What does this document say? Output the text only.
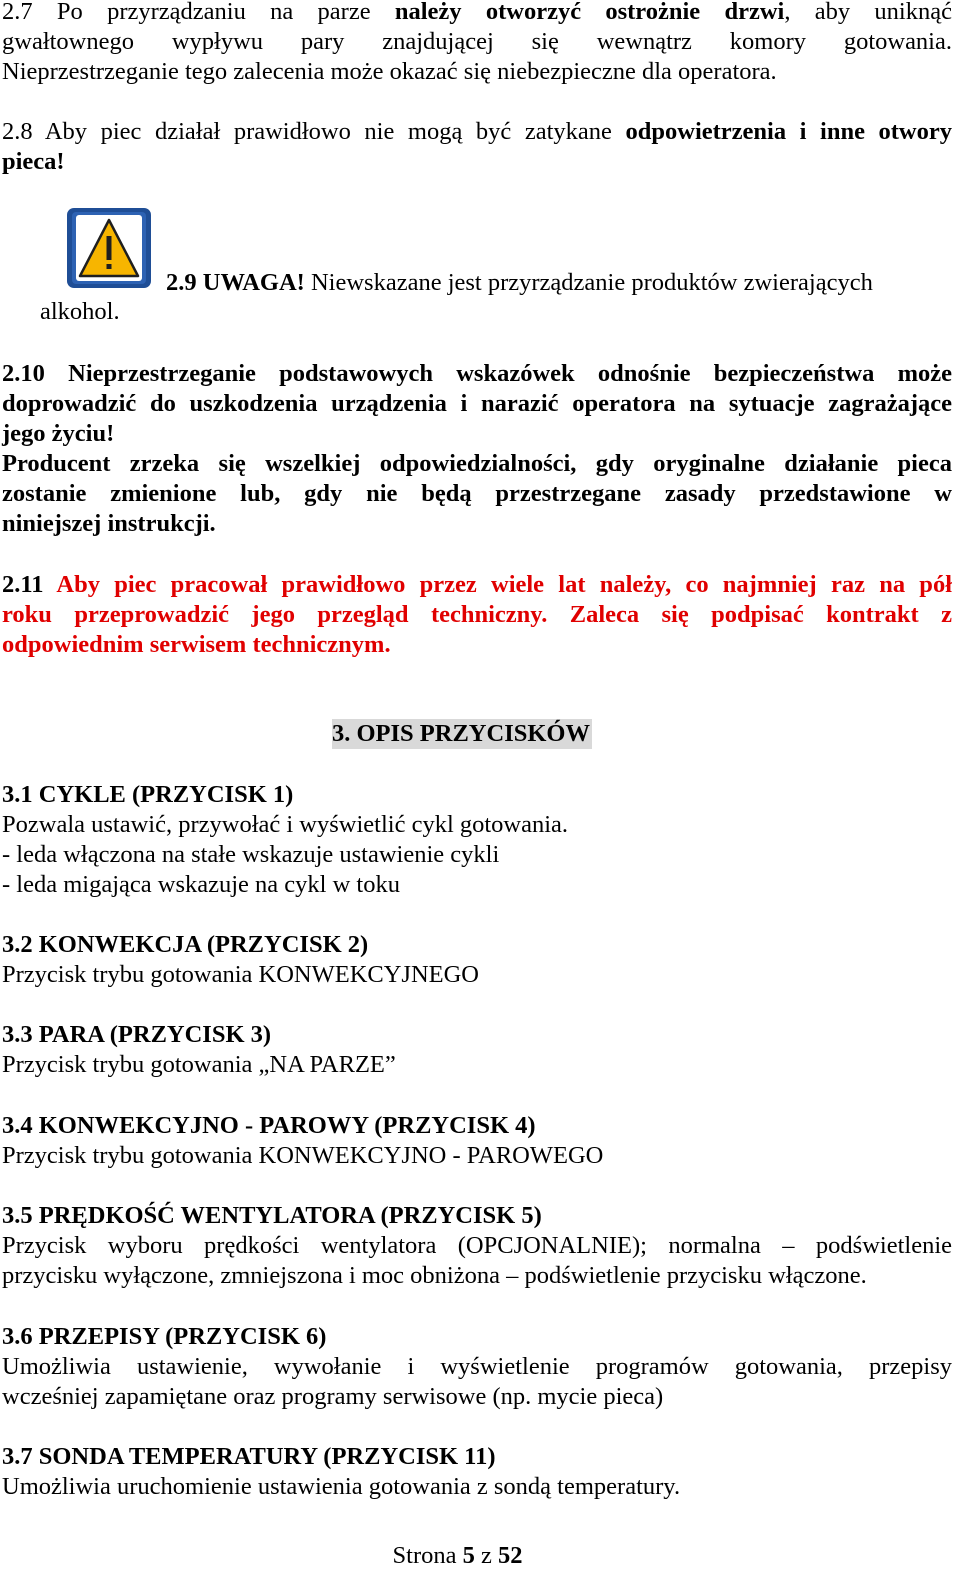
2.7 Po przyrządzaniu na parze należy otworzyć ostrożnie drzwi, aby uniknąć
gwałtownego wypływu pary znajdującej się wewnątrz komory gotowania.
Nieprzestrzeganie tego zalecenia może okazać się niebezpieczne dla operatora.
2.8 Aby piec działał prawidłowo nie mogą być zatykane odpowietrzenia i inne otwory
pieca!
2.9 UWAGA! Niewskazane jest przyrządzanie produktów zwierających
alkohol.
2.10 Nieprzestrzeganie podstawowych wskazówek odnośnie bezpieczeństwa może
doprowadzić do uszkodzenia urządzenia i narazić operatora na sytuacje zagrażające
jego życiu!
Producent zrzeka się wszelkiej odpowiedzialności, gdy oryginalne działanie pieca
zostanie zmienione lub, gdy nie będą przestrzegane zasady przedstawione w
niniejszej instrukcji.
2.11 Aby piec pracował prawidłowo przez wiele lat należy, co najmniej raz na pół
roku przeprowadzić jego przegląd techniczny. Zaleca się podpisać kontrakt z
odpowiednim serwisem technicznym.
3. OPIS PRZYCISKÓW
3.1 CYKLE (PRZYCISK 1)
Pozwala ustawić, przywołać i wyświetlić cykl gotowania.
- leda włączona na stałe wskazuje ustawienie cykli
- leda migająca wskazuje na cykl w toku
3.2 KONWEKCJA (PRZYCISK 2)
Przycisk trybu gotowania KONWEKCYJNEGO
3.3 PARA (PRZYCISK 3)
Przycisk trybu gotowania „NA PARZE”
3.4 KONWEKCYJNO - PAROWY (PRZYCISK 4)
Przycisk trybu gotowania KONWEKCYJNO - PAROWEGO
3.5 PRĘDKOŚĆ WENTYLATORA (PRZYCISK 5)
Przycisk wyboru prędkości wentylatora (OPCJONALNIE); normalna – podświetlenie
przycisku wyłączone, zmniejszona i moc obniżona – podświetlenie przycisku włączone.
3.6 PRZEPISY (PRZYCISK 6)
Umożliwia ustawienie, wywołanie i wyświetlenie programów gotowania, przepisy
wcześniej zapamiętane oraz programy serwisowe (np. mycie pieca)
3.7 SONDA TEMPERATURY (PRZYCISK 11)
Umożliwia uruchomienie ustawienia gotowania z sondą temperatury.
Strona 5 z 52
